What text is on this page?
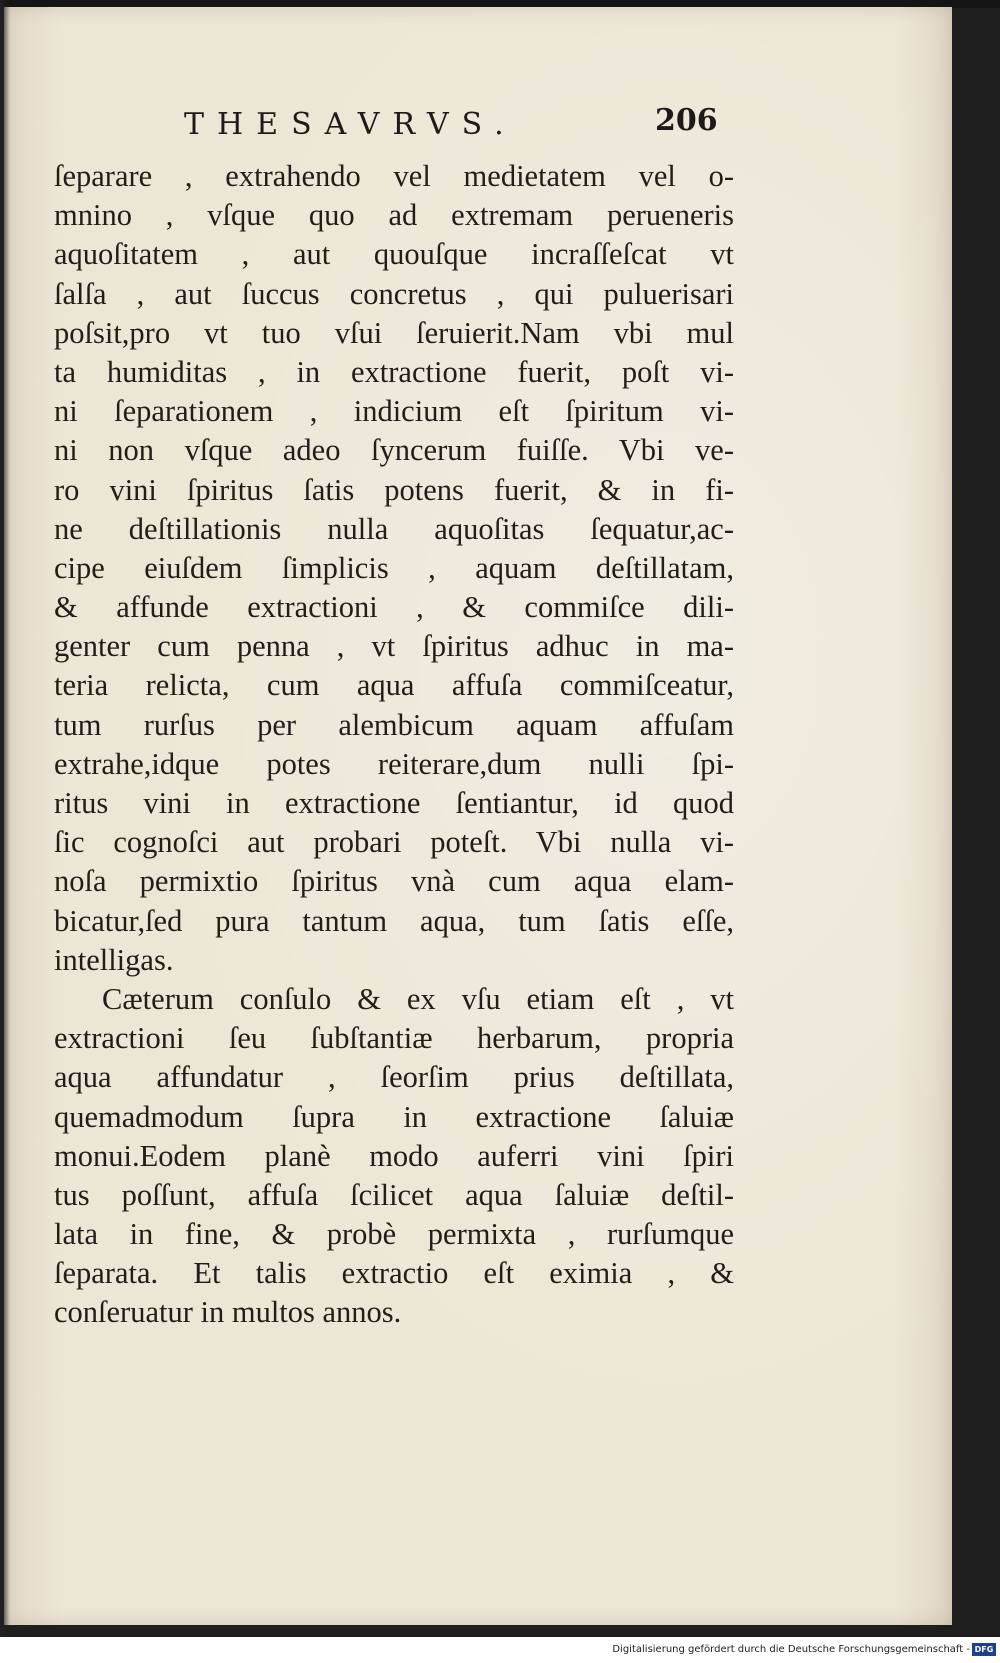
THESAVRVS.	206
ſeparare , extrahendo vel medietatem vel o-
mnino , vſque quo ad extremam perueneris
aquoſitatem , aut quouſque incraſſeſcat vt
ſalſa , aut ſuccus concretus , qui puluerisari
poſsit,pro vt tuo vſui ſeruierit.Nam vbi mul
ta humiditas , in extractione fuerit, poſt vi-
ni ſeparationem , indicium eſt ſpiritum vi-
ni non vſque adeo ſyncerum fuiſſe. Vbi ve-
ro vini ſpiritus ſatis potens fuerit, & in fi-
ne deſtillationis nulla aquoſitas ſequatur,ac-
cipe eiuſdem ſimplicis , aquam deſtillatam,
& affunde extractioni , & commiſce dili-
genter cum penna , vt ſpiritus adhuc in ma-
teria relicta, cum aqua affuſa commiſceatur,
tum rurſus per alembicum aquam affuſam
extrahe,idque potes reiterare,dum nulli ſpi-
ritus vini in extractione ſentiantur, id quod
ſic cognoſci aut probari poteſt. Vbi nulla vi-
noſa permixtio ſpiritus vnà cum aqua elam-
bicatur,ſed pura tantum aqua, tum ſatis eſſe,
intelligas.
Cæterum conſulo & ex vſu etiam eſt , vt
extractioni ſeu ſubſtantiæ herbarum, propria
aqua affundatur , ſeorſim prius deſtillata,
quemadmodum ſupra in extractione ſaluiæ
monui.Eodem planè modo auferri vini ſpiri
tus poſſunt, affuſa ſcilicet aqua ſaluiæ deſtil-
lata in fine, & probè permixta , rurſumque
ſeparata. Et talis extractio eſt eximia , &
conſeruatur in multos annos.
Digitalisierung gefördert durch die Deutsche Forschungsgemeinschaft - DFG
